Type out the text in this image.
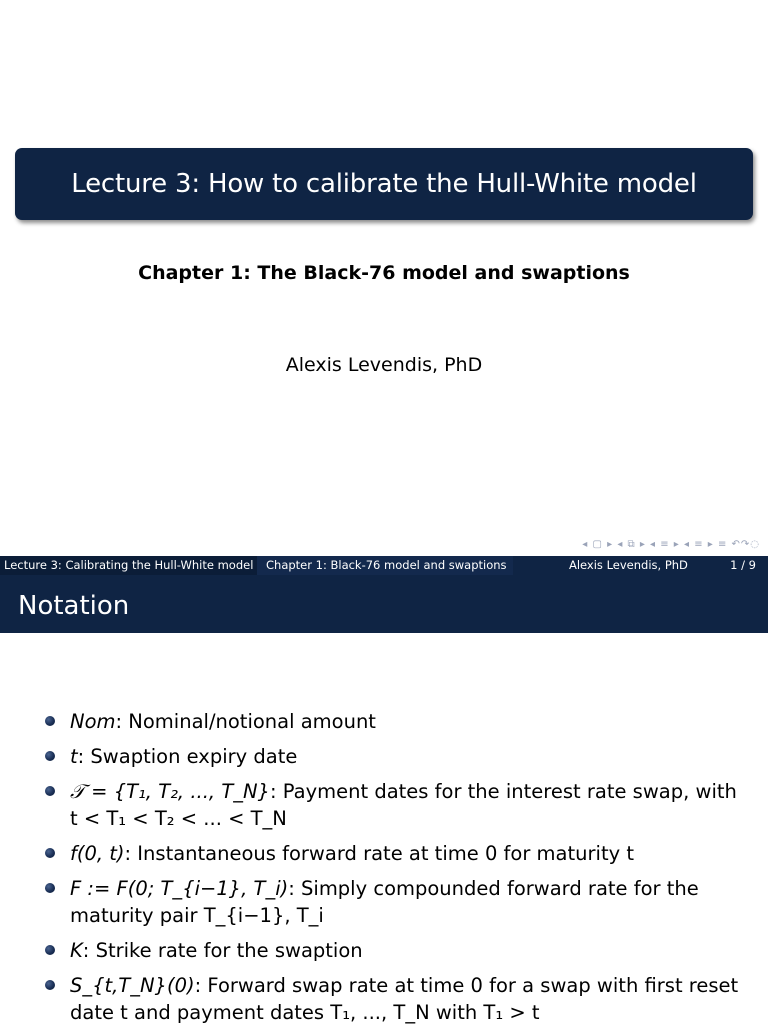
Lecture 3: How to calibrate the Hull-White model
Chapter 1: The Black-76 model and swaptions
Alexis Levendis, PhD
◂ ▢ ▸ ◂ ⧉ ▸ ◂ ≡ ▸ ◂ ≡ ▸ ≡ ↶↷◌
Lecture 3: Calibrating the Hull-White model	Chapter 1: Black-76 model and swaptions	Alexis Levendis, PhD	1 / 9
Notation
Nom: Nominal/notional amount
t: Swaption expiry date
𝒯 = {T₁, T₂, ..., T_N}: Payment dates for the interest rate swap, with t < T₁ < T₂ < ... < T_N
f(0, t): Instantaneous forward rate at time 0 for maturity t
F := F(0; T_{i−1}, T_i): Simply compounded forward rate for the maturity pair T_{i−1}, T_i
K: Strike rate for the swaption
S_{t,T_N}(0): Forward swap rate at time 0 for a swap with first reset date t and payment dates T₁, ..., T_N with T₁ > t
